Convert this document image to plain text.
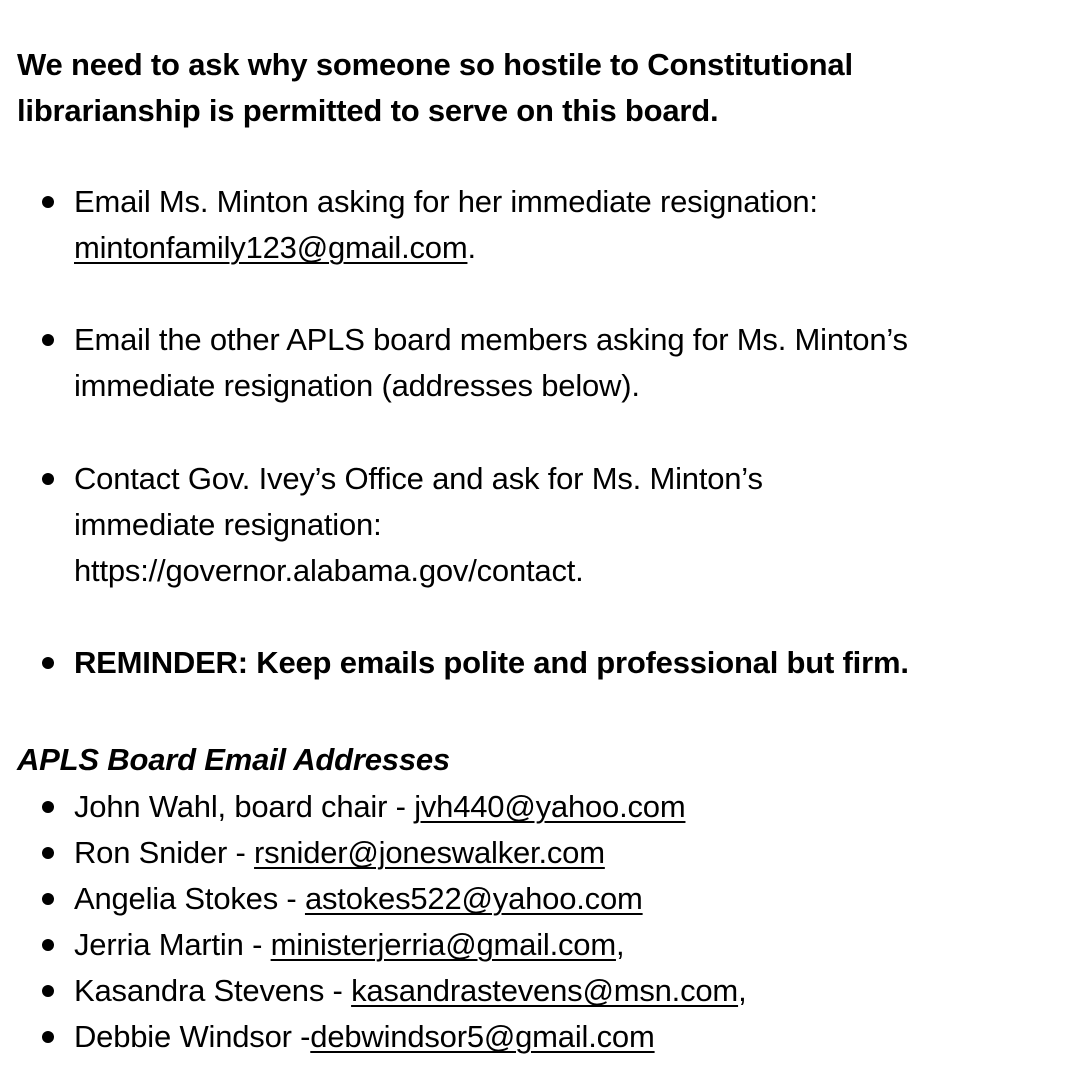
We need to ask why someone so hostile to Constitutional
librarianship is permitted to serve on this board.
Email Ms. Minton asking for her immediate resignation:
mintonfamily123@gmail.com.
Email the other APLS board members asking for Ms. Minton’s
immediate resignation (addresses below).
Contact Gov. Ivey’s Office and ask for Ms. Minton’s
immediate resignation:
https://governor.alabama.gov/contact.
REMINDER: Keep emails polite and professional but firm.
APLS Board Email Addresses
John Wahl, board chair - jvh440@yahoo.com
Ron Snider - rsnider@joneswalker.com
Angelia Stokes - astokes522@yahoo.com
Jerria Martin - ministerjerria@gmail.com,
Kasandra Stevens - kasandrastevens@msn.com,
Debbie Windsor -debwindsor5@gmail.com
